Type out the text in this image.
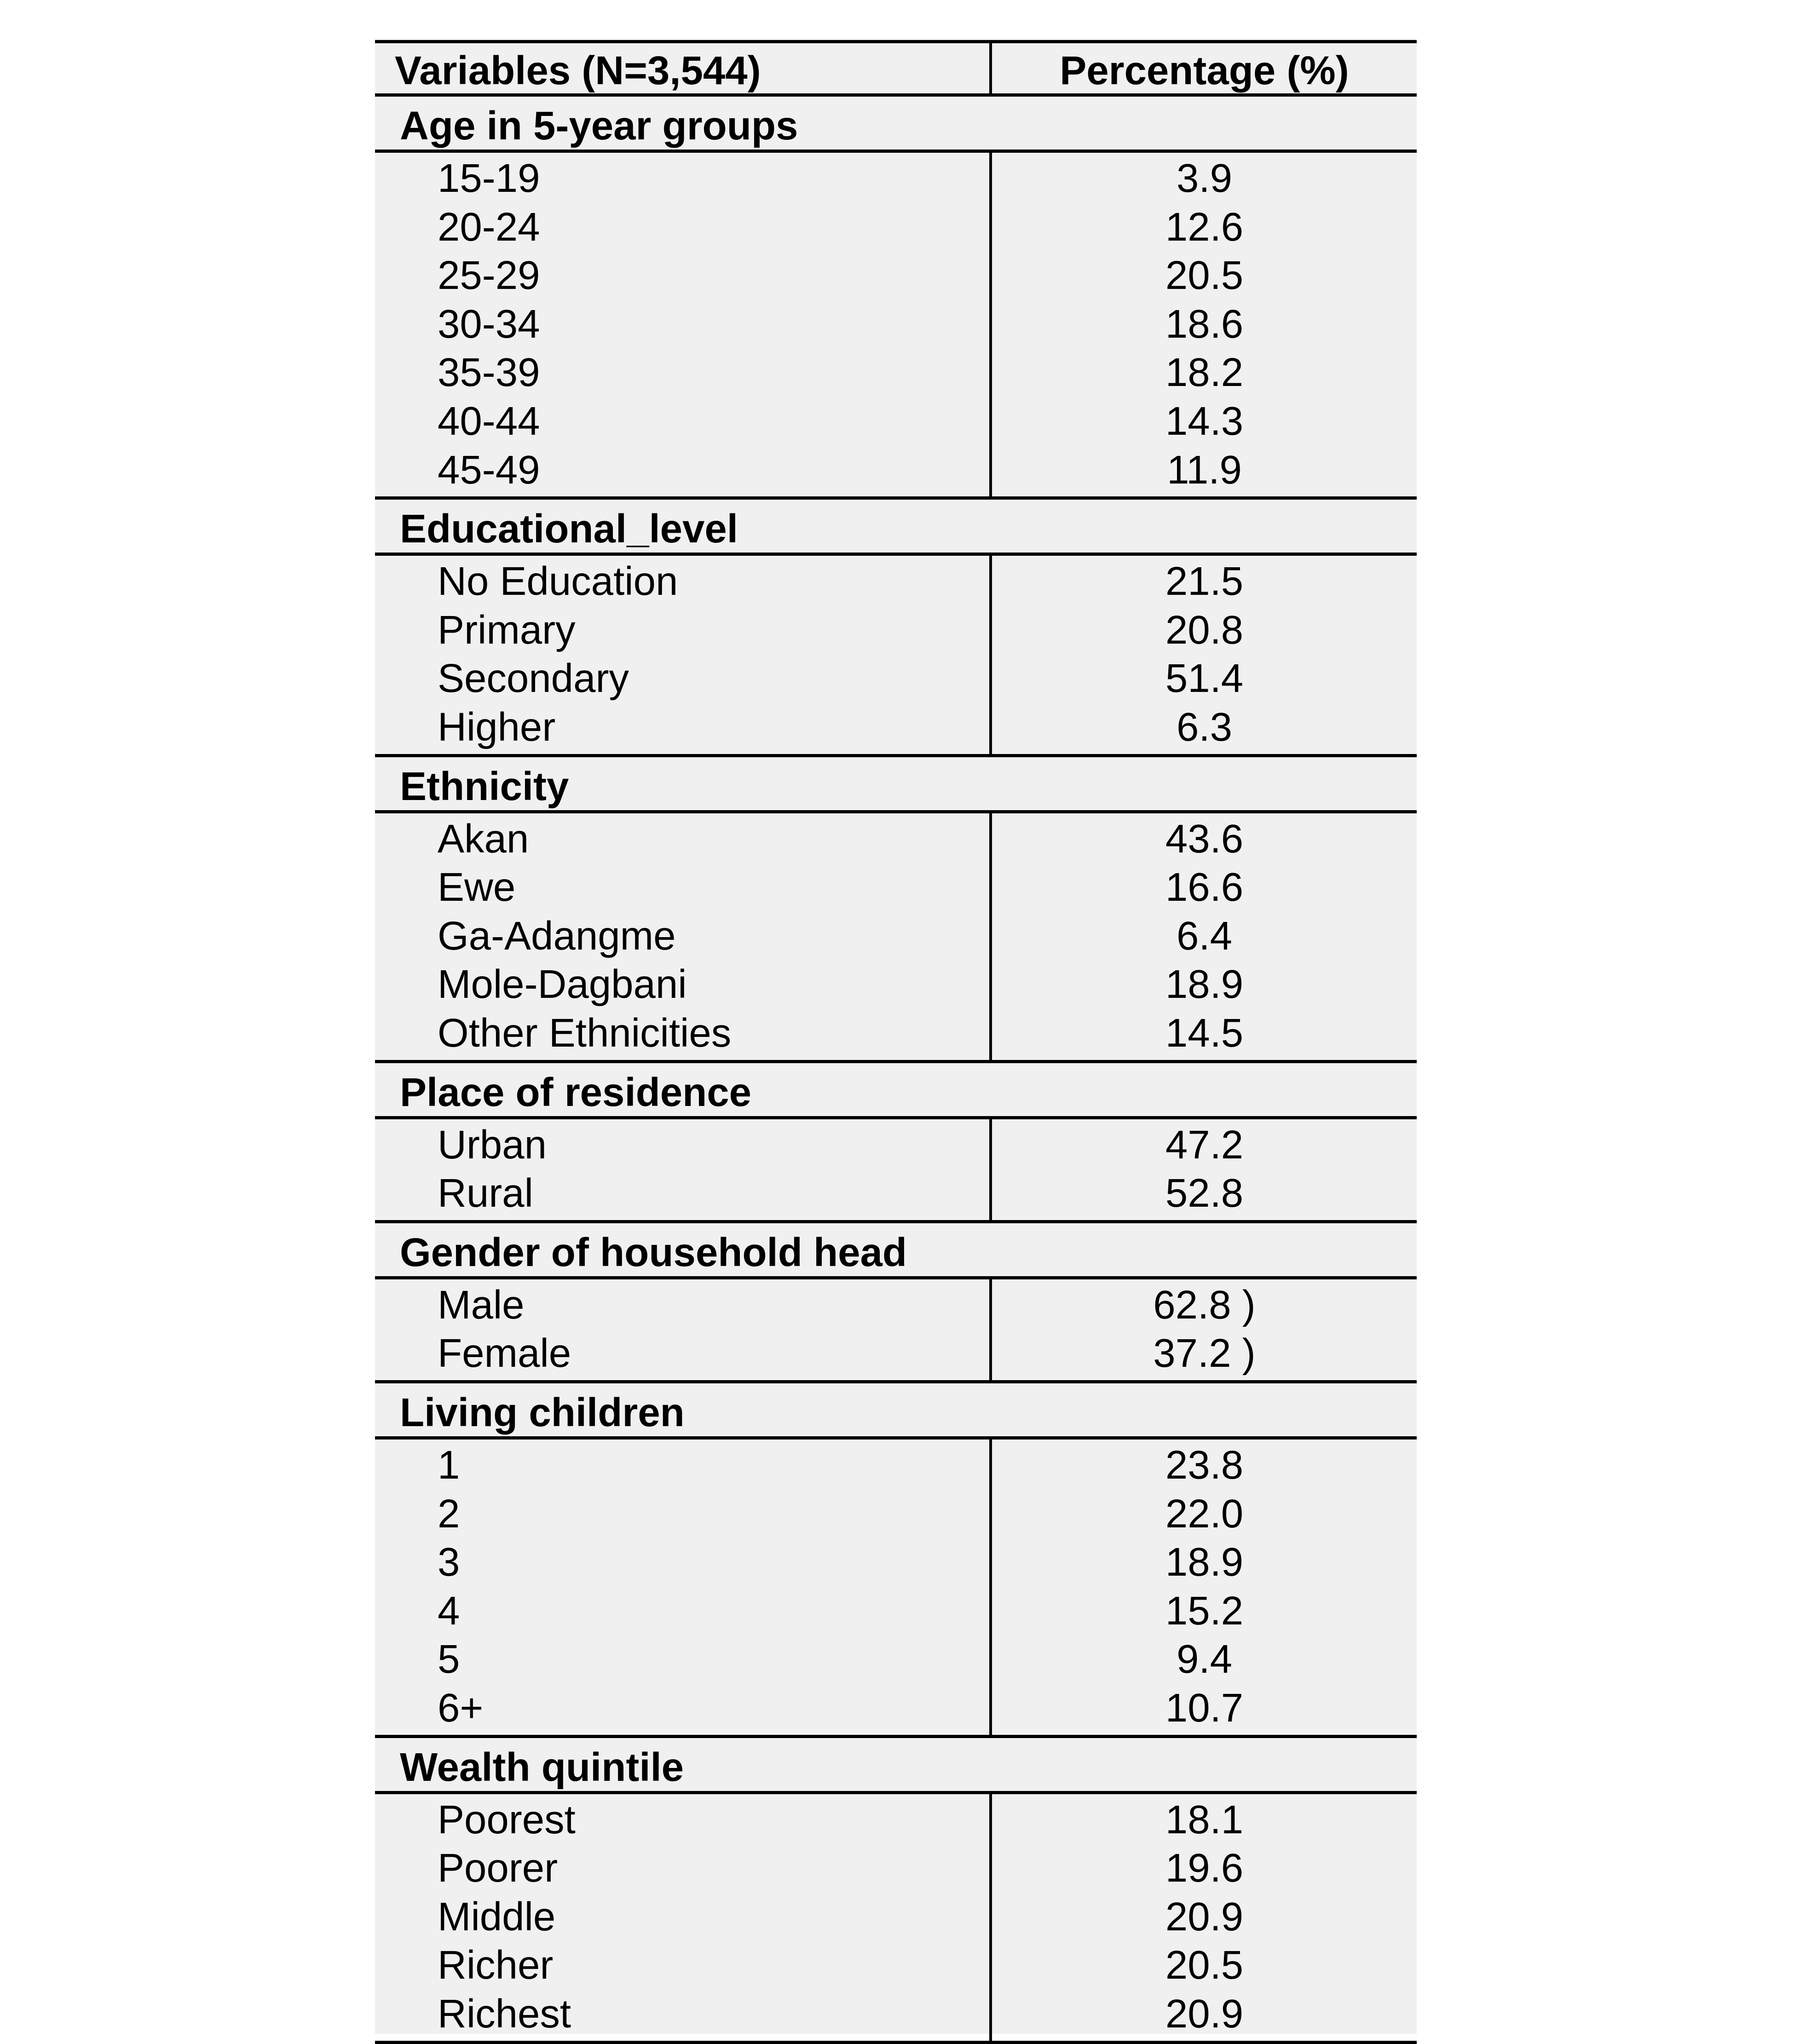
Variables (N=3,544)	Percentage (%)
Age in 5-year groups
15-19	3.9
20-24	12.6
25-29	20.5
30-34	18.6
35-39	18.2
40-44	14.3
45-49	11.9
Educational_level
No Education	21.5
Primary	20.8
Secondary	51.4
Higher	6.3
Ethnicity
Akan	43.6
Ewe	16.6
Ga-Adangme	6.4
Mole-Dagbani	18.9
Other Ethnicities	14.5
Place of residence
Urban	47.2
Rural	52.8
Gender of household head
Male	62.8 )
Female	37.2 )
Living children
1	23.8
2	22.0
3	18.9
4	15.2
5	9.4
6+	10.7
Wealth quintile
Poorest	18.1
Poorer	19.6
Middle	20.9
Richer	20.5
Richest	20.9
